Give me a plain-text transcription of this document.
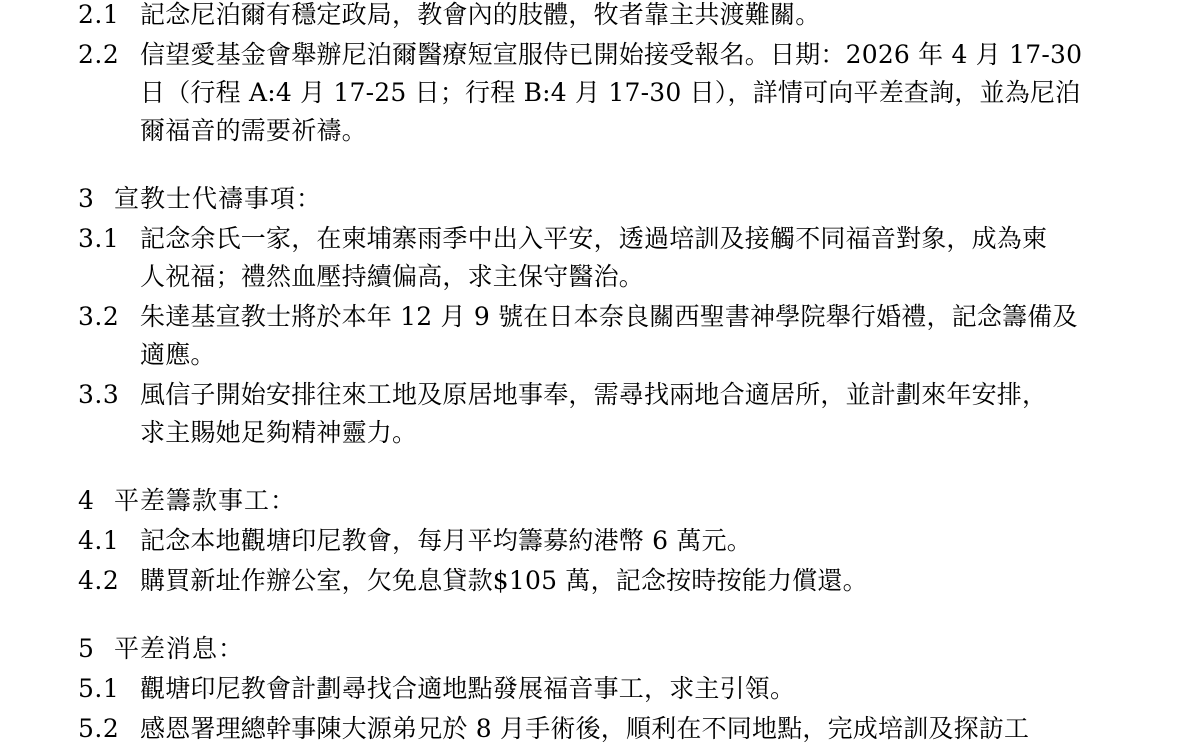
2.1 記念尼泊爾有穩定政局，教會內的肢體，牧者靠主共渡難關。
2.2 信望愛基金會舉辦尼泊爾醫療短宣服侍已開始接受報名。日期：2026 年 4 月 17-30
日（行程 A:4 月 17-25 日；行程 B:4 月 17-30 日），詳情可向平差查詢，並為尼泊
爾福音的需要祈禱。
3 宣教士代禱事項：
3.1 記念余氏一家，在柬埔寨雨季中出入平安，透過培訓及接觸不同福音對象，成為柬
人祝福；禮然血壓持續偏高，求主保守醫治。
3.2 朱達基宣教士將於本年 12 月 9 號在日本奈良關西聖書神學院舉行婚禮，記念籌備及
適應。
3.3 風信子開始安排往來工地及原居地事奉，需尋找兩地合適居所，並計劃來年安排，
求主賜她足夠精神靈力。
4 平差籌款事工：
4.1 記念本地觀塘印尼教會，每月平均籌募約港幣 6 萬元。
4.2 購買新址作辦公室，欠免息貸款$105 萬，記念按時按能力償還。
5 平差消息：
5.1 觀塘印尼教會計劃尋找合適地點發展福音事工，求主引領。
5.2 感恩署理總幹事陳大源弟兄於 8 月手術後，順利在不同地點，完成培訓及探訪工
